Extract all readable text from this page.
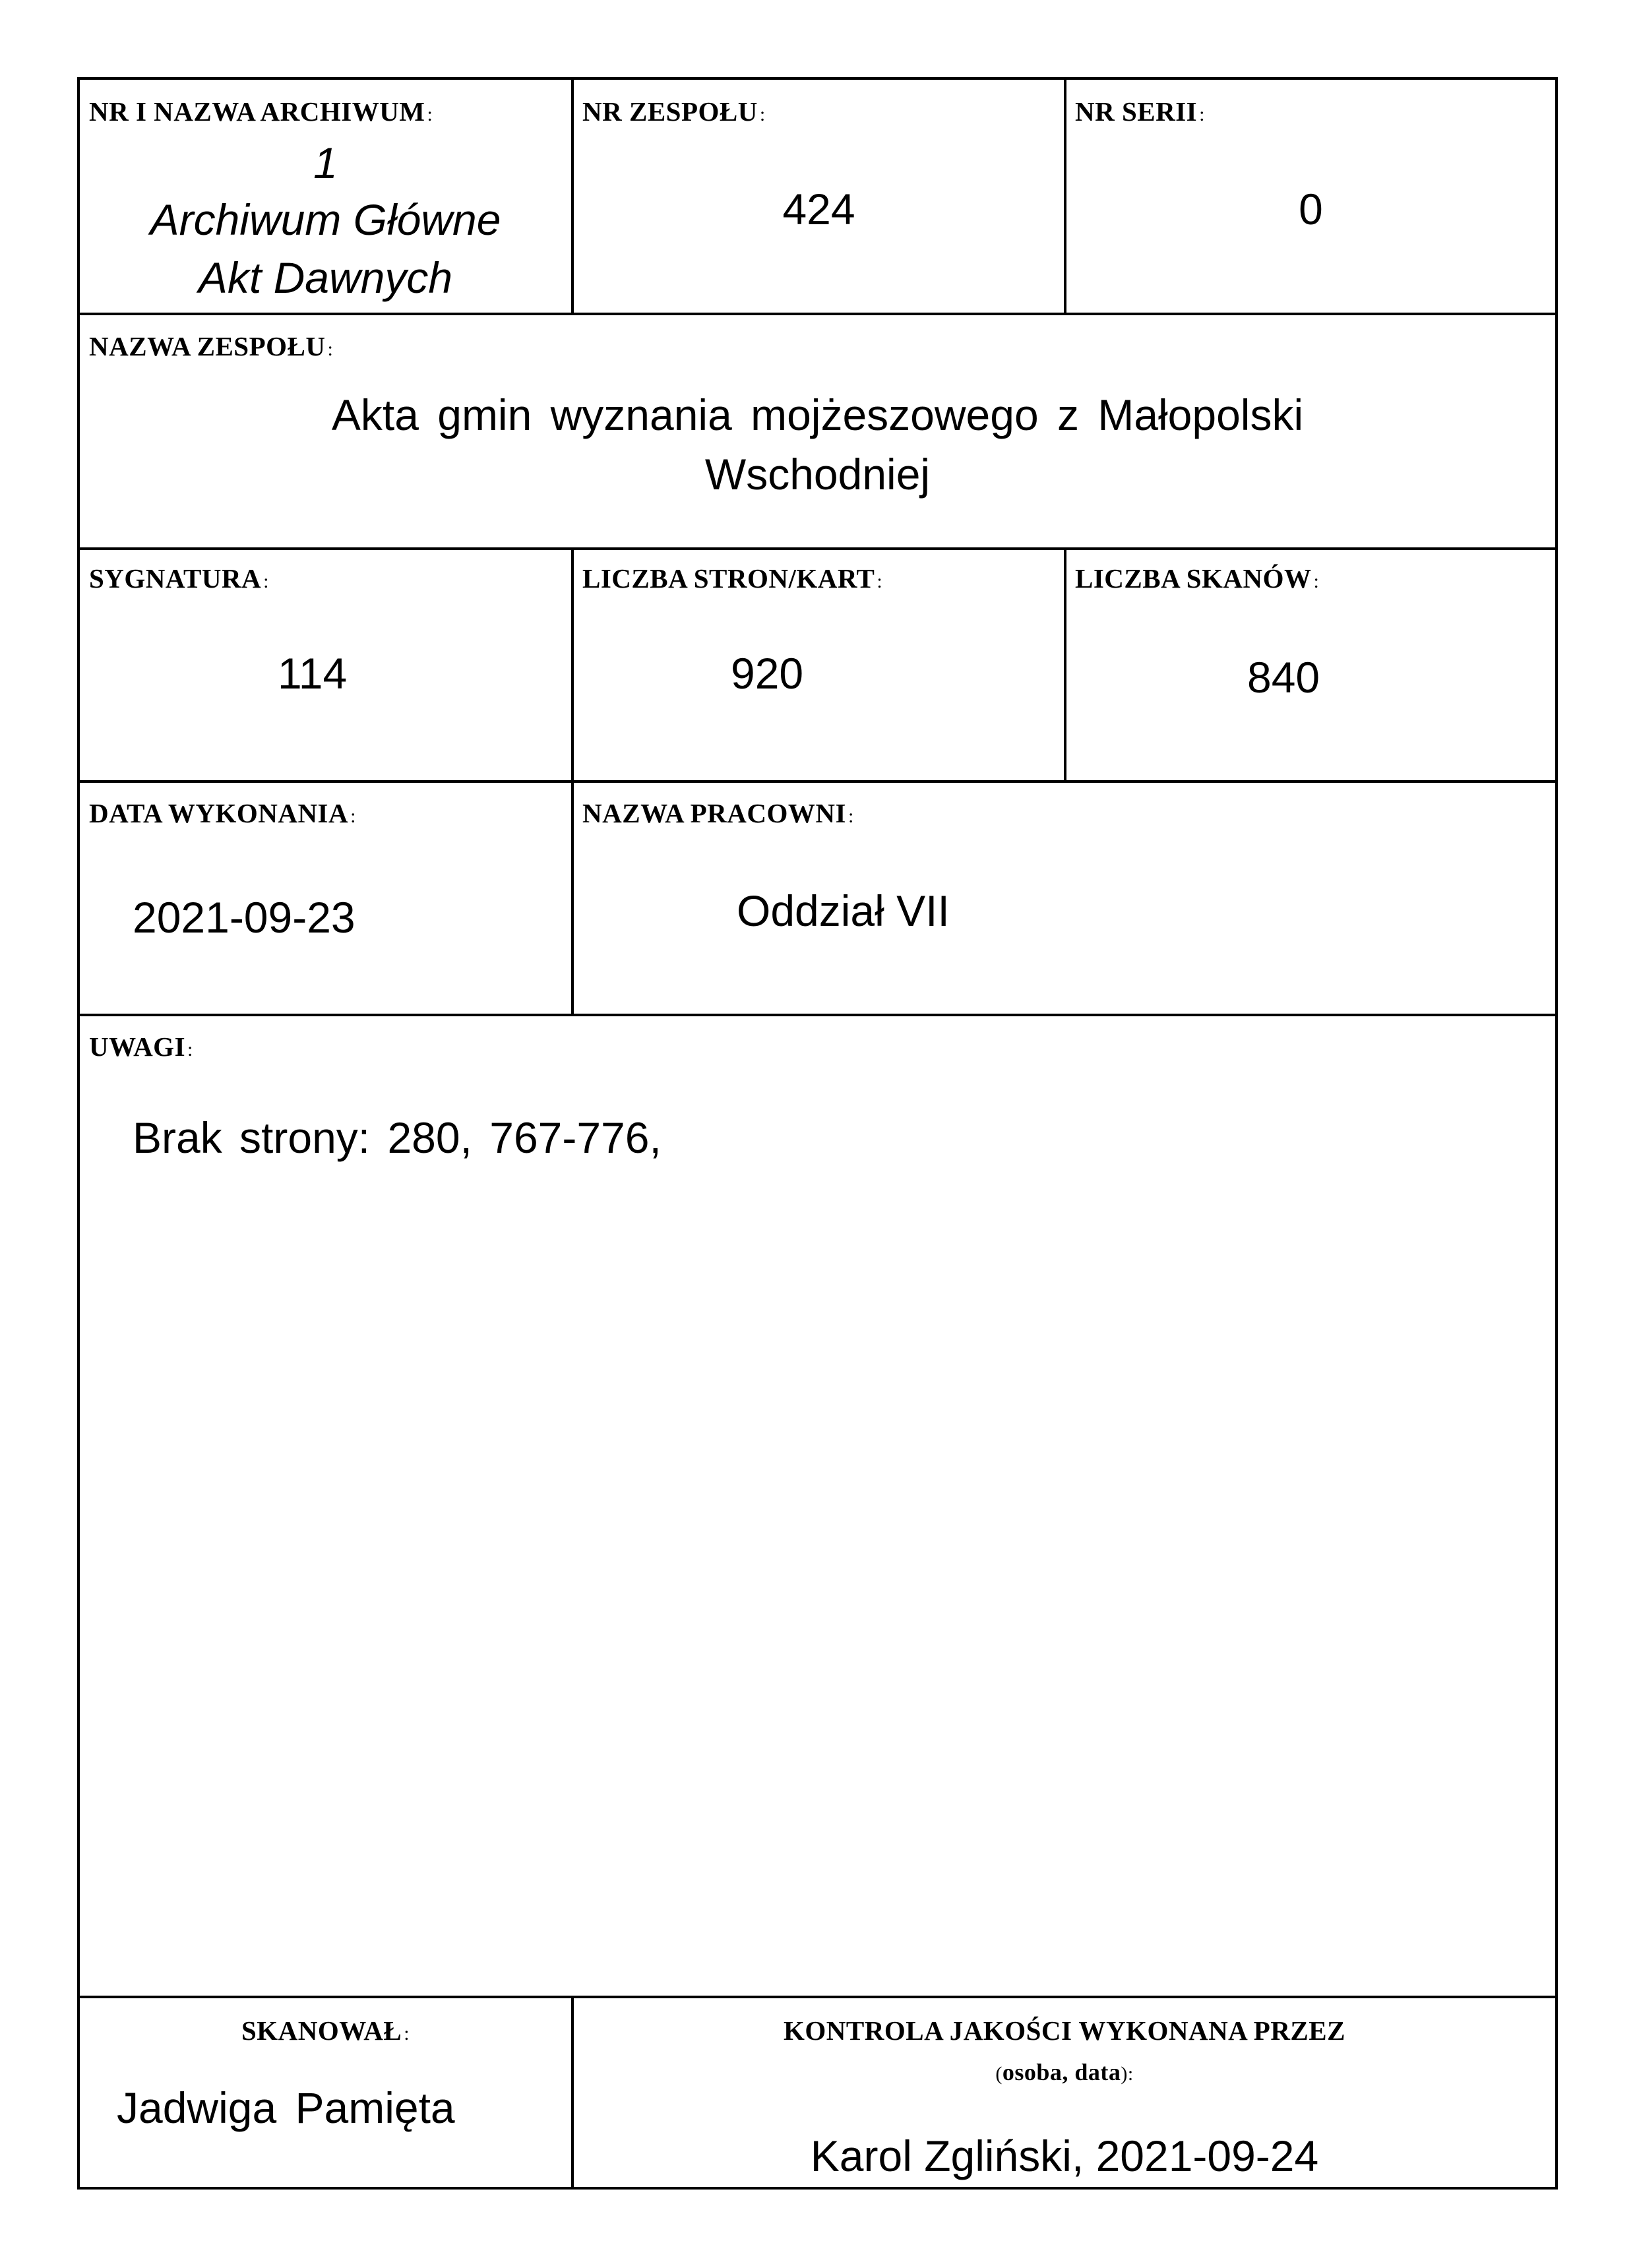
NR I NAZWA ARCHIWUM :
1
Archiwum Główne
Akt Dawnych
NR ZESPOŁU :
424
NR SERII :
0
NAZWA ZESPOŁU :
Akta gmin wyznania mojżeszowego z Małopolski
Wschodniej
SYGNATURA :
114
LICZBA STRON/KART :
920
LICZBA SKANÓW :
840
DATA WYKONANIA :
2021-09-23
NAZWA PRACOWNI :
Oddział VII
UWAGI :
Brak strony: 280, 767-776,
SKANOWAŁ :
Jadwiga Pamięta
KONTROLA JAKOŚCI WYKONANA PRZEZ
(osoba, data):
Karol Zgliński, 2021-09-24
